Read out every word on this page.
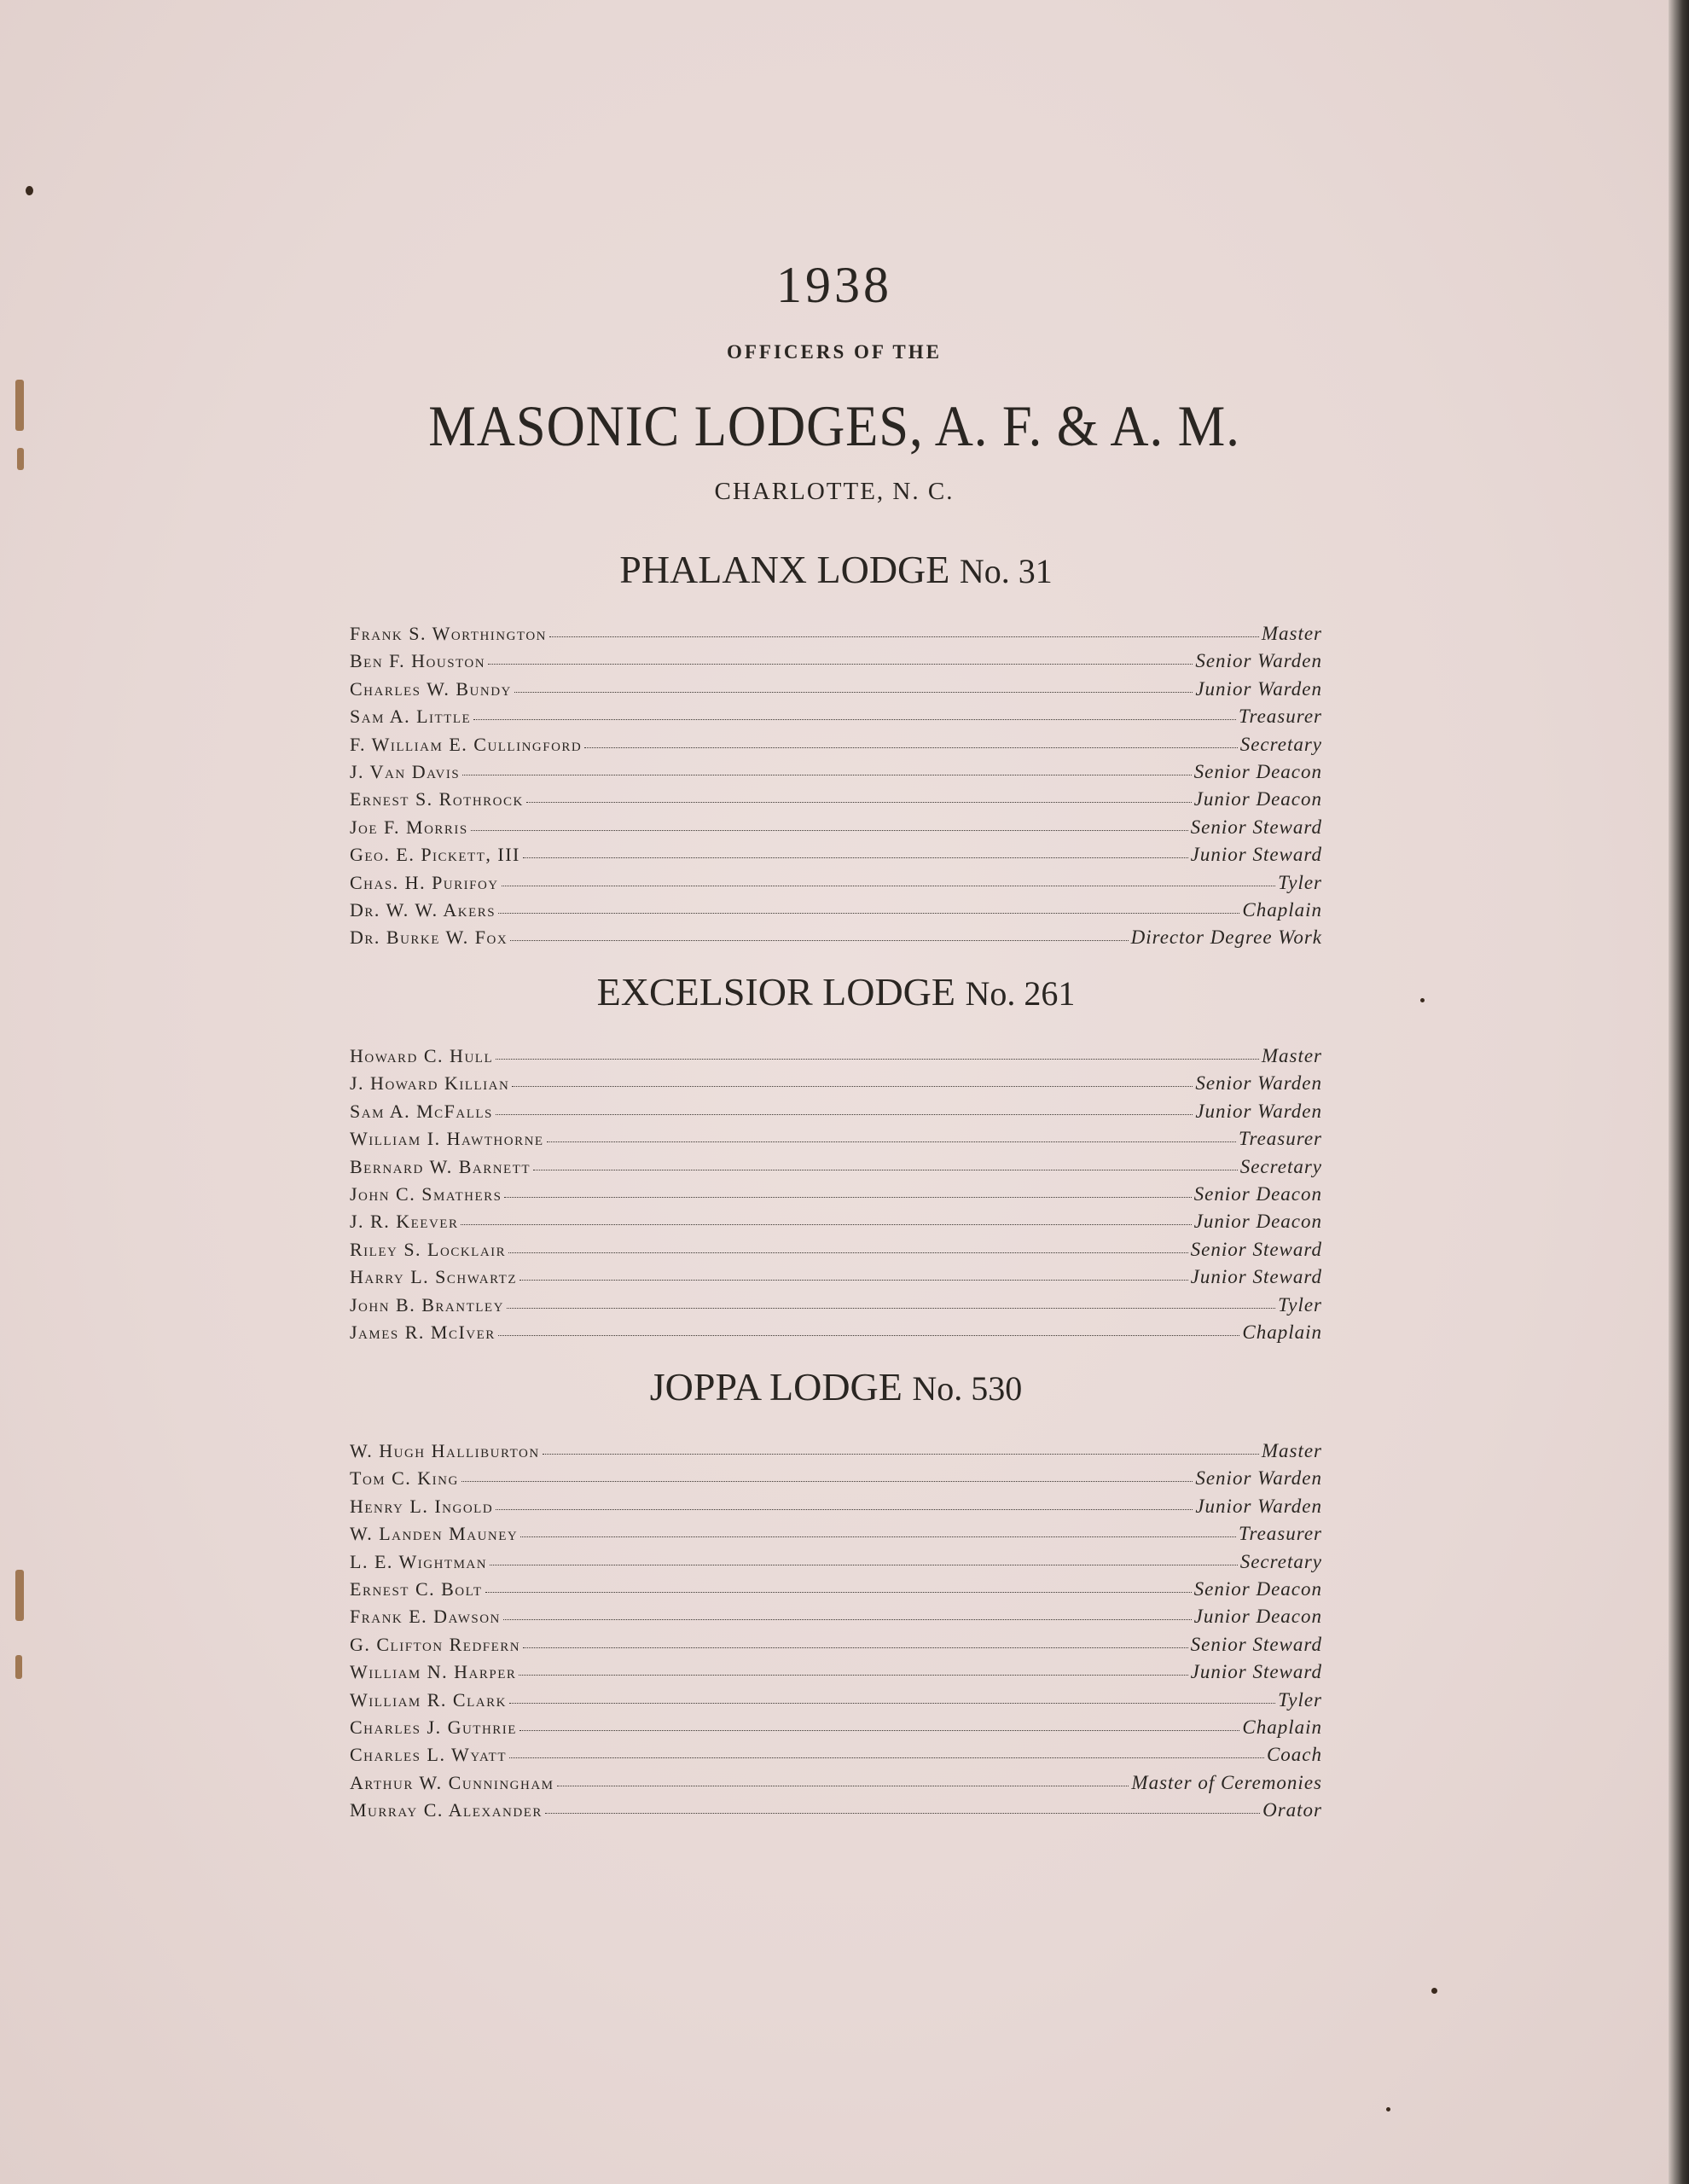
1938
OFFICERS OF THE
MASONIC LODGES, A. F. & A. M.
CHARLOTTE, N. C.
PHALANX LODGE No. 31
Frank S. Worthington	Master
Ben F. Houston	Senior Warden
Charles W. Bundy	Junior Warden
Sam A. Little	Treasurer
F. William E. Cullingford	Secretary
J. Van Davis	Senior Deacon
Ernest S. Rothrock	Junior Deacon
Joe F. Morris	Senior Steward
Geo. E. Pickett, III	Junior Steward
Chas. H. Purifoy	Tyler
Dr. W. W. Akers	Chaplain
Dr. Burke W. Fox	Director Degree Work
EXCELSIOR LODGE No. 261
Howard C. Hull	Master
J. Howard Killian	Senior Warden
Sam A. McFalls	Junior Warden
William I. Hawthorne	Treasurer
Bernard W. Barnett	Secretary
John C. Smathers	Senior Deacon
J. R. Keever	Junior Deacon
Riley S. Locklair	Senior Steward
Harry L. Schwartz	Junior Steward
John B. Brantley	Tyler
James R. McIver	Chaplain
JOPPA LODGE No. 530
W. Hugh Halliburton	Master
Tom C. King	Senior Warden
Henry L. Ingold	Junior Warden
W. Landen Mauney	Treasurer
L. E. Wightman	Secretary
Ernest C. Bolt	Senior Deacon
Frank E. Dawson	Junior Deacon
G. Clifton Redfern	Senior Steward
William N. Harper	Junior Steward
William R. Clark	Tyler
Charles J. Guthrie	Chaplain
Charles L. Wyatt	Coach
Arthur W. Cunningham	Master of Ceremonies
Murray C. Alexander	Orator
